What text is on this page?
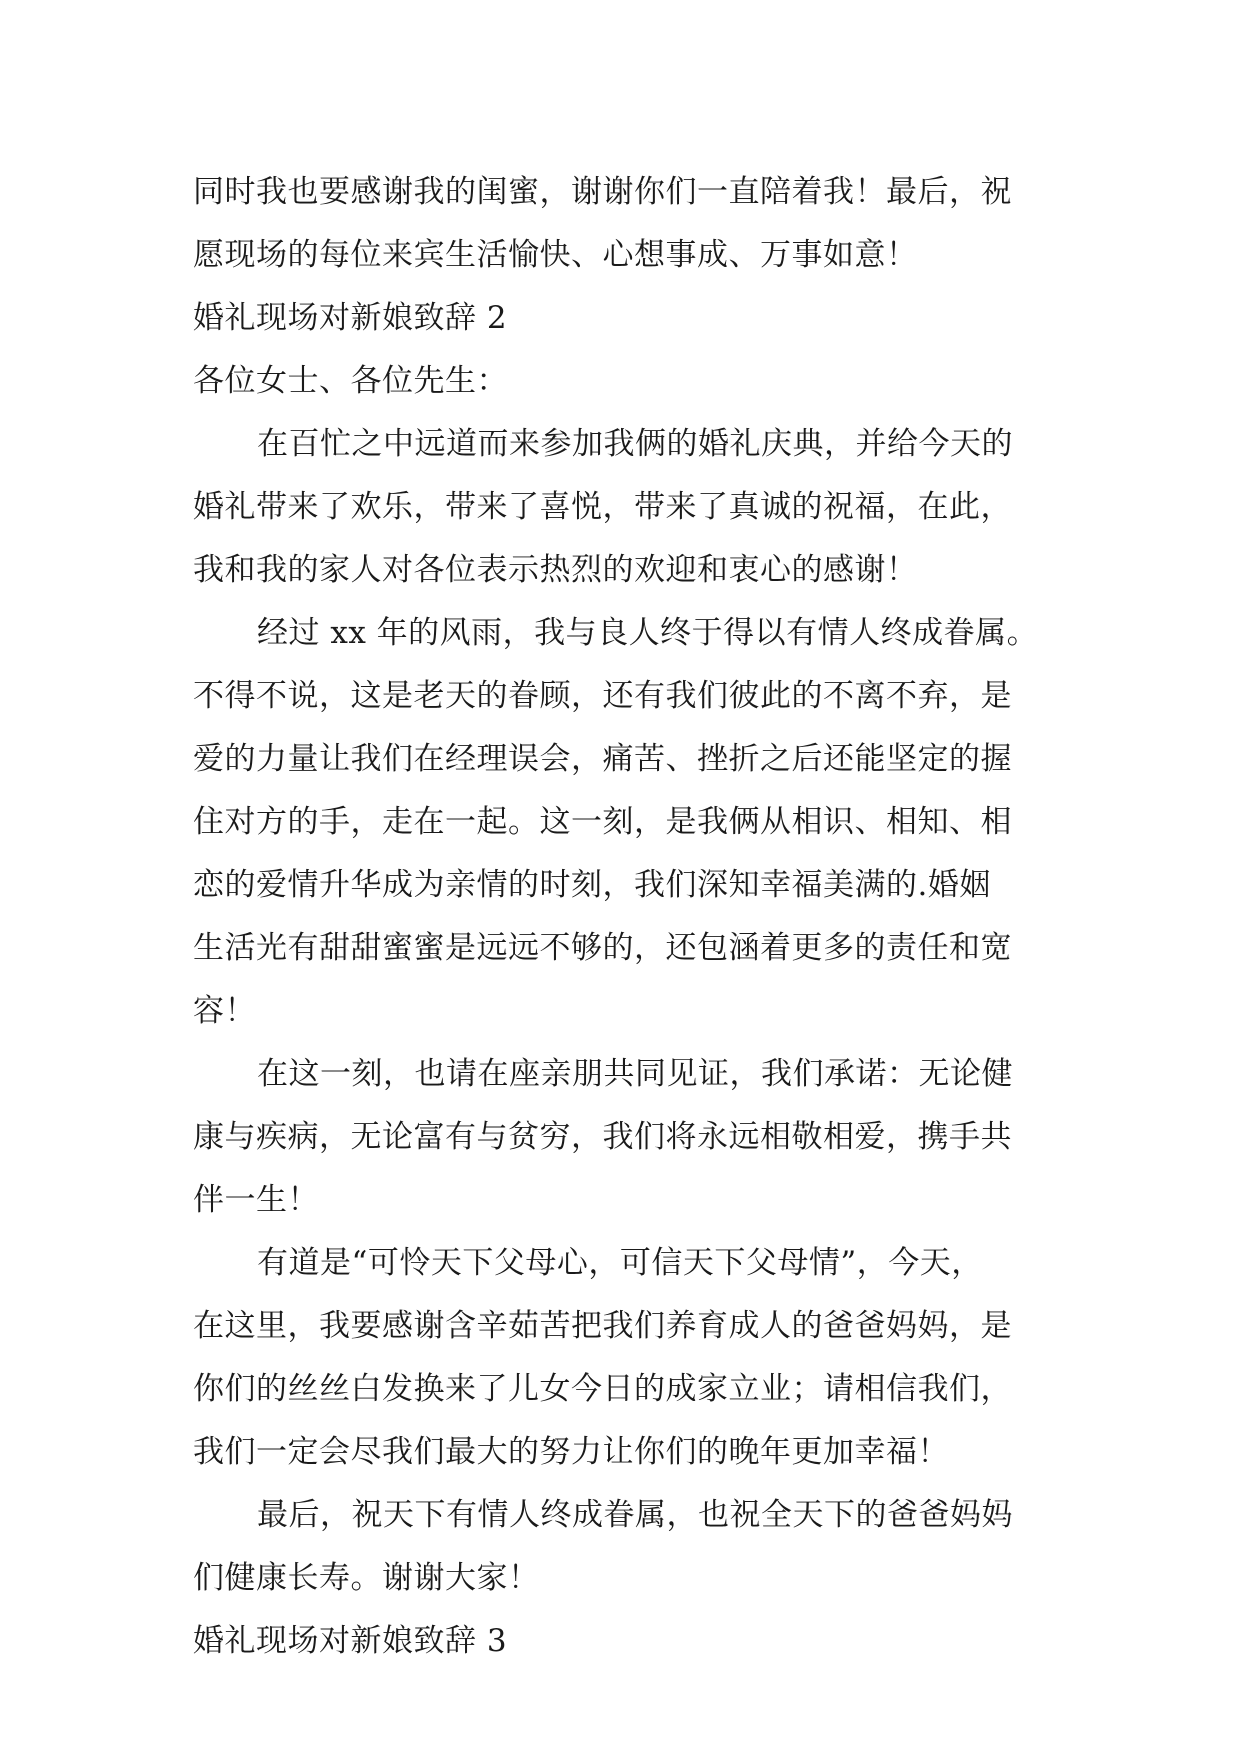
同时我也要感谢我的闺蜜，谢谢你们一直陪着我！最后，祝
愿现场的每位来宾生活愉快、心想事成、万事如意！
婚礼现场对新娘致辞 2
各位女士、各位先生：
在百忙之中远道而来参加我俩的婚礼庆典，并给今天的
婚礼带来了欢乐，带来了喜悦，带来了真诚的祝福，在此，
我和我的家人对各位表示热烈的欢迎和衷心的感谢！
经过 xx 年的风雨，我与良人终于得以有情人终成眷属。
不得不说，这是老天的眷顾，还有我们彼此的不离不弃，是
爱的力量让我们在经理误会，痛苦、挫折之后还能坚定的握
住对方的手，走在一起。这一刻，是我俩从相识、相知、相
恋的爱情升华成为亲情的时刻，我们深知幸福美满的.婚姻
生活光有甜甜蜜蜜是远远不够的，还包涵着更多的责任和宽
容！
在这一刻，也请在座亲朋共同见证，我们承诺：无论健
康与疾病，无论富有与贫穷，我们将永远相敬相爱，携手共
伴一生！
有道是“可怜天下父母心，可信天下父母情”，今天，
在这里，我要感谢含辛茹苦把我们养育成人的爸爸妈妈，是
你们的丝丝白发换来了儿女今日的成家立业；请相信我们，
我们一定会尽我们最大的努力让你们的晚年更加幸福！
最后，祝天下有情人终成眷属，也祝全天下的爸爸妈妈
们健康长寿。谢谢大家！
婚礼现场对新娘致辞 3
